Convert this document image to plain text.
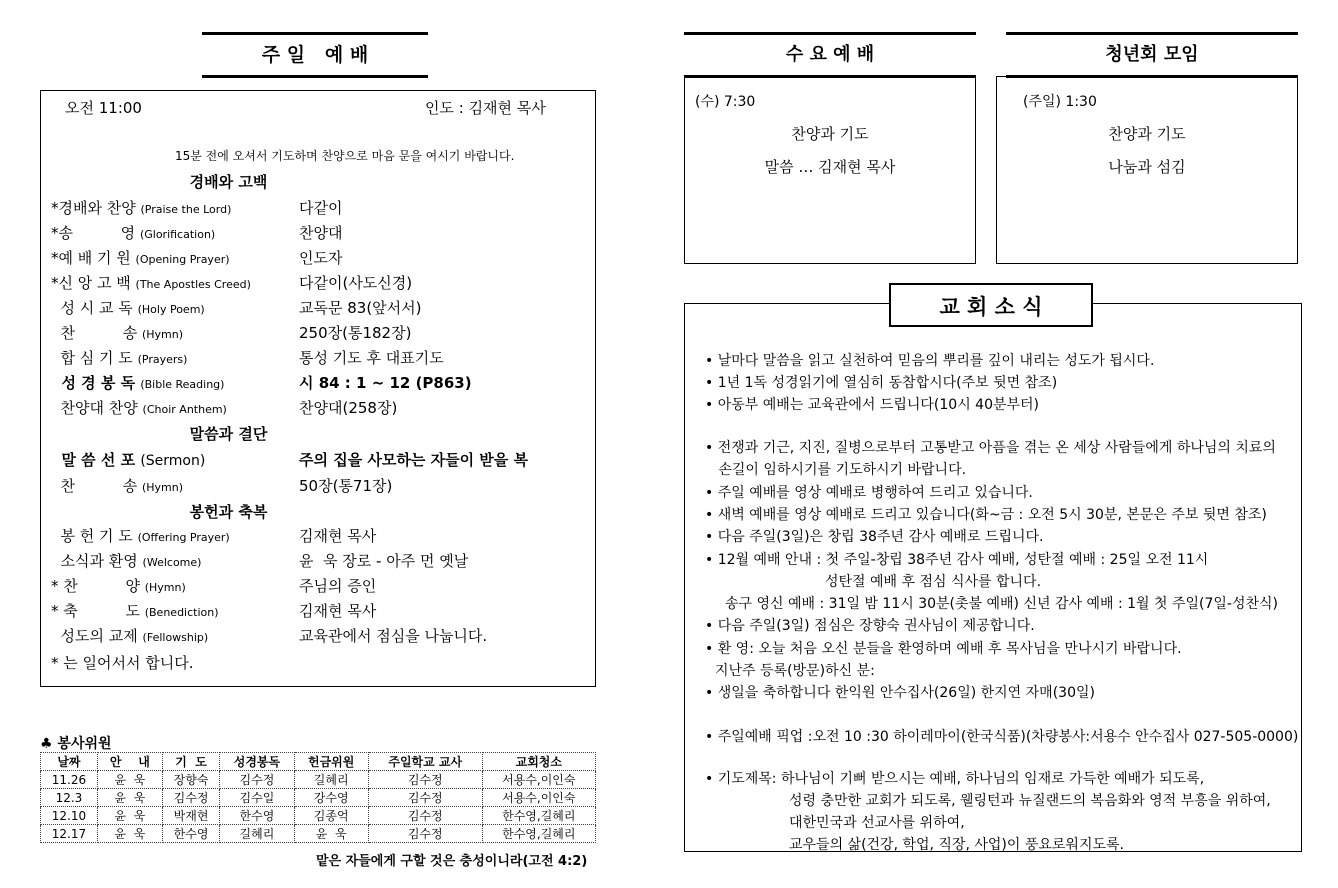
주 일   예 배
오전 11:00	인도 : 김재현 목사
15분 전에 오셔서 기도하며 찬양으로 마음 문을 여시기 바랍니다.
경배와 고백
*경배와 찬양 (Praise the Lord)	다같이
*송          영 (Glorification)	찬양대
*예 배 기 원 (Opening Prayer)	인도자
*신 앙 고 백 (The Apostles Creed)	다같이(사도신경)
성 시 교 독 (Holy Poem)	교독문 83(앞서서)
찬          송 (Hymn)	250장(통182장)
합 심 기 도 (Prayers)	통성 기도 후 대표기도
성 경 봉 독 (Bible Reading)	시 84 : 1 ~ 12 (P863)
찬양대 찬양 (Choir Anthem)	찬양대(258장)
말씀과 결단
말 씀 선 포 (Sermon)	주의 집을 사모하는 자들이 받을 복
찬          송 (Hymn)	50장(통71장)
봉헌과 축복
봉 헌 기 도 (Offering Prayer)	김재현 목사
소식과 환영 (Welcome)	윤  욱 장로 - 아주 먼 옛날
* 찬          양 (Hymn)	주님의 증인
* 축          도 (Benediction)	김재현 목사
성도의 교제 (Fellowship)	교육관에서 점심을 나눕니다.
* 는 일어서서 합니다.
♣ 봉사위원
날짜	안    내	기  도	성경봉독	헌금위원	주일학교 교사	교회청소
11.26	윤  욱	장향숙	김수정	길혜리	김수정	서용수,이인숙
12.3	윤  욱	김수정	김수일	강수영	김수정	서용수,이인숙
12.10	윤  욱	박재현	한수영	김종억	김수정	한수영,길혜리
12.17	윤  욱	한수영	길혜리	윤  욱	김수정	한수영,길혜리
맡은 자들에게 구할 것은 충성이니라(고전 4:2)
수 요 예 배
(수) 7:30
찬양과 기도
말씀 … 김재현 목사
청년회 모임
(주일) 1:30
찬양과 기도
나눔과 섬김
• 날마다 말씀을 읽고 실천하여 믿음의 뿌리를 깊이 내리는 성도가 됩시다.
• 1년 1독 성경읽기에 열심히 동참합시다(주보 뒷면 참조)
• 아동부 예배는 교육관에서 드립니다(10시 40분부터)
• 전쟁과 기근, 지진, 질병으로부터 고통받고 아픔을 겪는 온 세상 사람들에게 하나님의 치료의
손길이 임하시기를 기도하시기 바랍니다.
• 주일 예배를 영상 예배로 병행하여 드리고 있습니다.
• 새벽 예배를 영상 예배로 드리고 있습니다(화~금 : 오전 5시 30분, 본문은 주보 뒷면 참조)
• 다음 주일(3일)은 창립 38주년 감사 예배로 드립니다.
• 12월 예배 안내 : 첫 주일-창립 38주년 감사 예배, 성탄절 예배 : 25일 오전 11시
성탄절 예배 후 점심 식사를 합니다.
송구 영신 예배 : 31일 밤 11시 30분(촛불 예배) 신년 감사 예배 : 1월 첫 주일(7일-성찬식)
• 다음 주일(3일) 점심은 장향숙 권사님이 제공합니다.
• 환 영: 오늘 처음 오신 분들을 환영하며 예배 후 목사님을 만나시기 바랍니다.
지난주 등록(방문)하신 분:
• 생일을 축하합니다 한익원 안수집사(26일) 한지연 자매(30일)
• 주일예배 픽업 :오전 10 :30 하이레마이(한국식품)(차량봉사:서용수 안수집사 027-505-0000)
• 기도제목: 하나님이 기뻐 받으시는 예배, 하나님의 임재로 가득한 예배가 되도록,
성령 충만한 교회가 되도록, 웰링턴과 뉴질랜드의 복음화와 영적 부흥을 위하여,
대한민국과 선교사를 위하여,
교우들의 삶(건강, 학업, 직장, 사업)이 풍요로워지도록.
교 회 소 식
